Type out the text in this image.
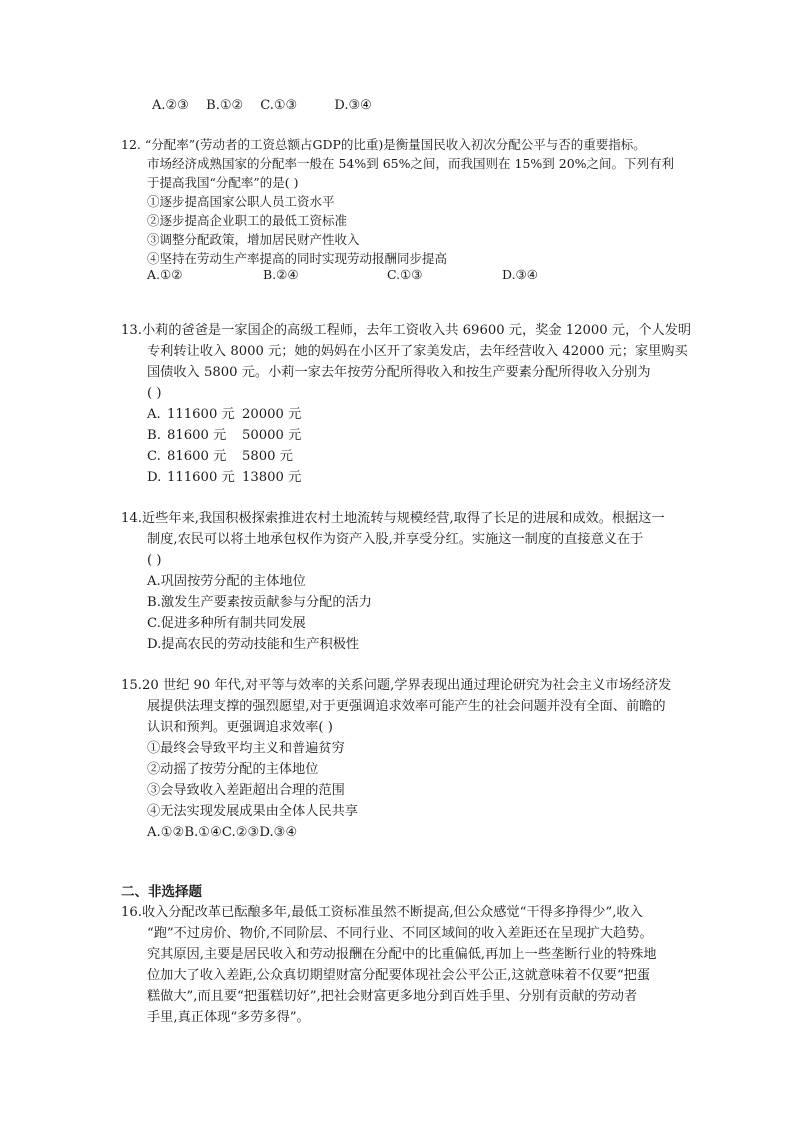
A.②③ B.①② C.①③	D.③④
12. “分配率”(劳动者的工资总额占GDP的比重)是衡量国民收入初次分配公平与否的重要指标。
市场经济成熟国家的分配率一般在 54%到 65%之间，而我国则在 15%到 20%之间。下列有利
于提高我国“分配率”的是( )
①逐步提高国家公职人员工资水平
②逐步提高企业职工的最低工资标准
③调整分配政策，增加居民财产性收入
④坚持在劳动生产率提高的同时实现劳动报酬同步提高
A.①②	B.②④	C.①③	D.③④
13.小莉的爸爸是一家国企的高级工程师，去年工资收入共 69600 元，奖金 12000 元，个人发明
专利转让收入 8000 元；她的妈妈在小区开了家美发店，去年经营收入 42000 元；家里购买
国债收入 5800 元。小莉一家去年按劳分配所得收入和按生产要素分配所得收入分别为
( )
A. 111600 元 20000 元
B. 81600 元 50000 元
C. 81600 元 5800 元
D. 111600 元 13800 元
14.近些年来,我国积极探索推进农村土地流转与规模经营,取得了长足的进展和成效。根据这一
制度,农民可以将土地承包权作为资产入股,并享受分红。实施这一制度的直接意义在于
( )
A.巩固按劳分配的主体地位
B.激发生产要素按贡献参与分配的活力
C.促进多种所有制共同发展
D.提高农民的劳动技能和生产积极性
15.20 世纪 90 年代,对平等与效率的关系问题,学界表现出通过理论研究为社会主义市场经济发
展提供法理支撑的强烈愿望,对于更强调追求效率可能产生的社会问题并没有全面、前瞻的
认识和预判。更强调追求效率( )
①最终会导致平均主义和普遍贫穷
②动摇了按劳分配的主体地位
③会导致收入差距超出合理的范围
④无法实现发展成果由全体人民共享
A.①②B.①④C.②③D.③④
二、非选择题
16.收入分配改革已酝酿多年,最低工资标准虽然不断提高,但公众感觉“干得多挣得少”,收入
“跑”不过房价、物价,不同阶层、不同行业、不同区域间的收入差距还在呈现扩大趋势。
究其原因,主要是居民收入和劳动报酬在分配中的比重偏低,再加上一些垄断行业的特殊地
位加大了收入差距,公众真切期望财富分配要体现社会公平公正,这就意味着不仅要“把蛋
糕做大”,而且要“把蛋糕切好”,把社会财富更多地分到百姓手里、分别有贡献的劳动者
手里,真正体现“多劳多得”。
